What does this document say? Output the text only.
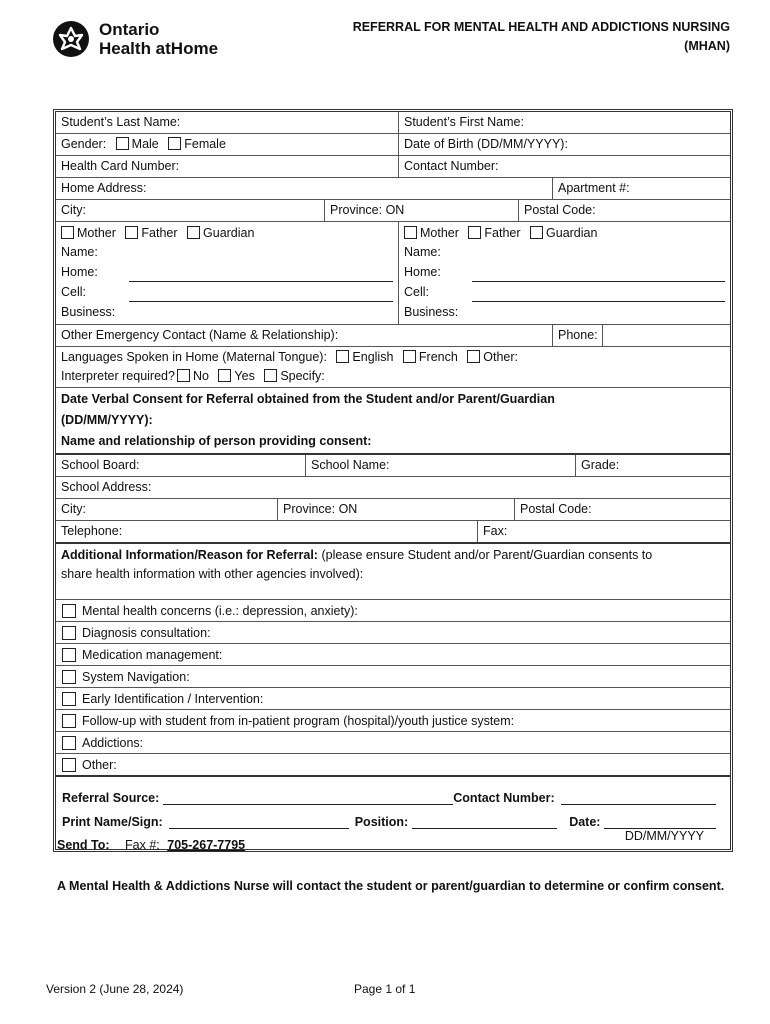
Ontario
Health atHome
REFERRAL FOR MENTAL HEALTH AND ADDICTIONS NURSING
(MHAN)
Student’s Last Name:	Student’s First Name:
Gender: Male Female	Date of Birth (DD/MM/YYYY):
Health Card Number:	Contact Number:
Home Address:	Apartment #:
City:	Province: ON	Postal Code:
Mother Father Guardian
Name:
Home:
Cell:
Business:
Mother Father Guardian
Name:
Home:
Cell:
Business:
Other Emergency Contact (Name & Relationship):	Phone:
Languages Spoken in Home (Maternal Tongue): English French Other:
Interpreter required? No Yes Specify:
Date Verbal Consent for Referral obtained from the Student and/or Parent/Guardian
(DD/MM/YYYY):
Name and relationship of person providing consent:
School Board:	School Name:	Grade:
School Address:
City:	Province: ON	Postal Code:
Telephone:	Fax:
Additional Information/Reason for Referral: (please ensure Student and/or Parent/Guardian consents to
share health information with other agencies involved):
Mental health concerns (i.e.: depression, anxiety):
Diagnosis consultation:
Medication management:
System Navigation:
Early Identification / Intervention:
Follow-up with student from in-patient program (hospital)/youth justice system:
Addictions:
Other:
Referral Source:	Contact Number:
Print Name/Sign:	Position:	Date:
DD/MM/YYYY
Send To: Fax #: 705-267-7795
A Mental Health & Addictions Nurse will contact the student or parent/guardian to determine or confirm consent.
Version 2 (June 28, 2024)	Page 1 of 1
